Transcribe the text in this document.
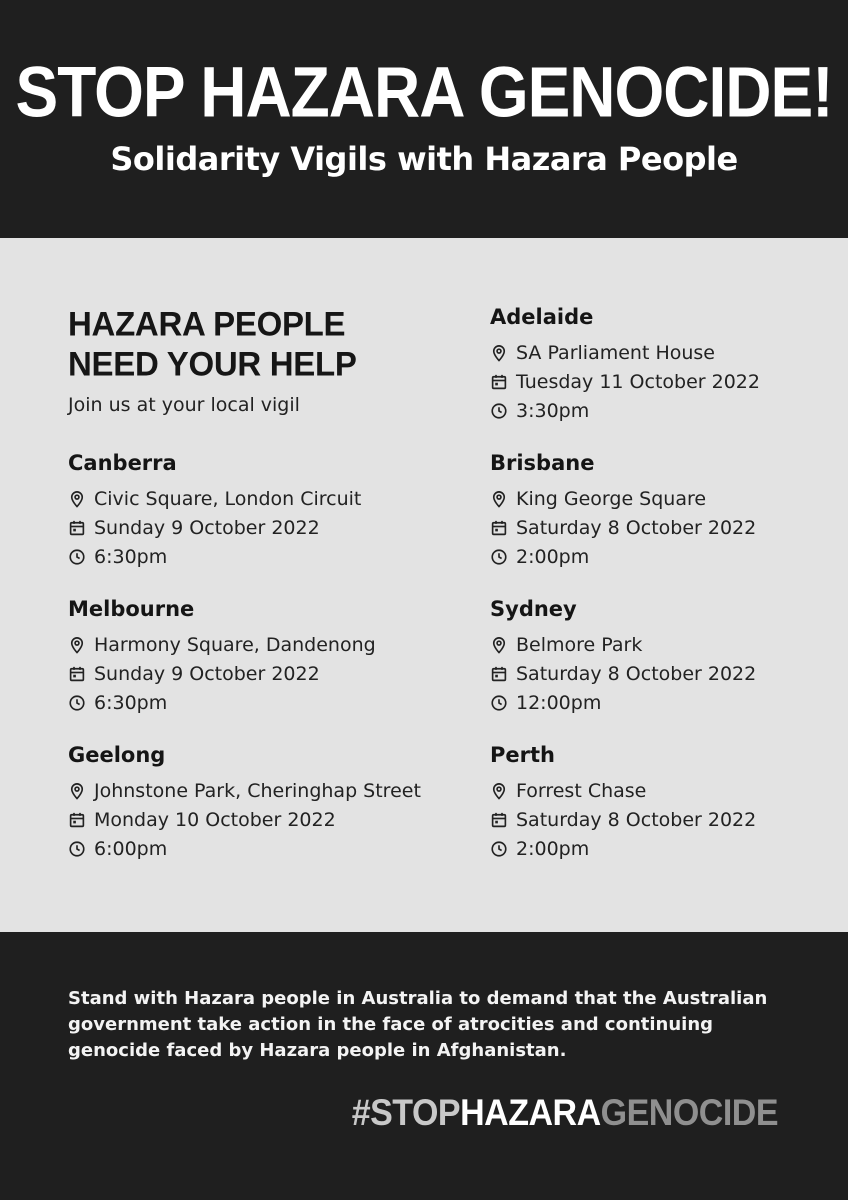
STOP HAZARA GENOCIDE!
Solidarity Vigils with Hazara People
HAZARA PEOPLE
NEED YOUR HELP
Join us at your local vigil
Canberra
Civic Square, London Circuit
Sunday 9 October 2022
6:30pm
Melbourne
Harmony Square, Dandenong
Sunday 9 October 2022
6:30pm
Geelong
Johnstone Park, Cheringhap Street
Monday 10 October 2022
6:00pm
Adelaide
SA Parliament House
Tuesday 11 October 2022
3:30pm
Brisbane
King George Square
Saturday 8 October 2022
2:00pm
Sydney
Belmore Park
Saturday 8 October 2022
12:00pm
Perth
Forrest Chase
Saturday 8 October 2022
2:00pm
Stand with Hazara people in Australia to demand that the Australian government take action in the face of atrocities and continuing genocide faced by Hazara people in Afghanistan.
#STOPHAZARAGENOCIDE
